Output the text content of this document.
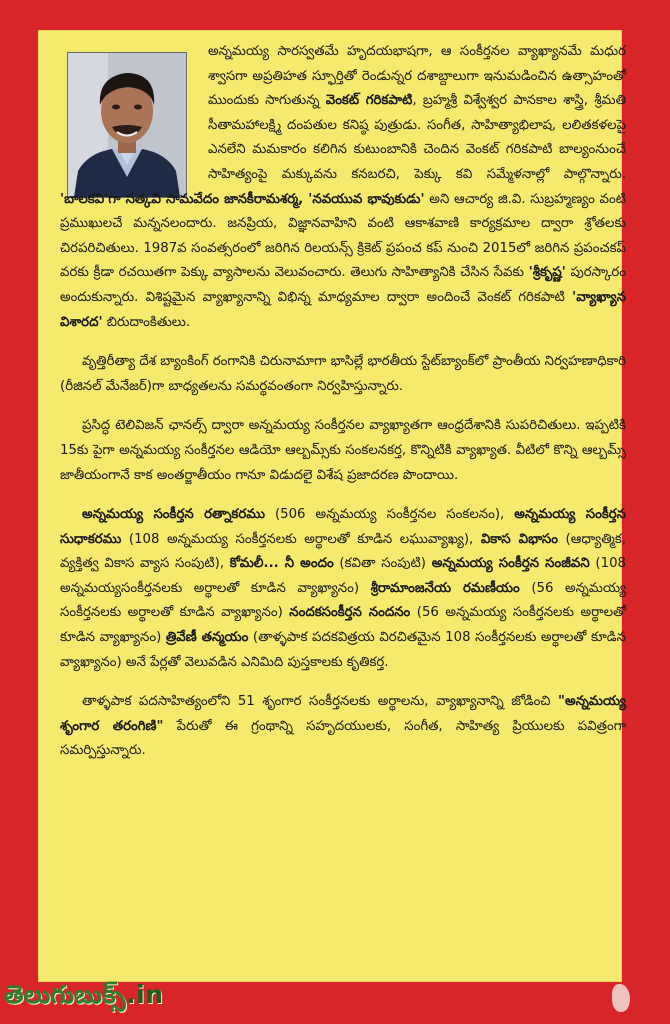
అన్నమయ్య సారస్వతమే హృదయభాషగా, ఆ సంకీర్తనల వ్యాఖ్యానమే మధుర శ్వాసగా అప్రతిహత స్ఫూర్తితో రెండున్నర దశాబ్దాలుగా ఇనుమడించిన ఉత్సాహంతో ముందుకు సాగుతున్న వెంకట్ గరికపాటి, బ్రహ్మశ్రీ విశ్వేశ్వర పానకాల శాస్త్రి, శ్రీమతి సీతామహాలక్ష్మి దంపతుల కనిష్ఠ పుత్రుడు. సంగీత, సాహిత్యాభిలాష, లలితకళలపై ఎనలేని మమకారం కలిగిన కుటుంబానికి చెందిన వెంకట్ గరికపాటి బాల్యంనుంచే సాహిత్యంపై మక్కువను కనబరచి, పెక్కు కవి సమ్మేళనాల్లో పాల్గొన్నారు. 'బాలకవి'గా సత్కవి సామవేదం జానకీరామశర్మ, 'నవయువ భావుకుడు' అని ఆచార్య జి.వి. సుబ్రహ్మణ్యం వంటి ప్రముఖులచే మన్ననలందారు. జనప్రియ, విజ్ఞానవాహిని వంటి ఆకాశవాణి కార్యక్రమాల ద్వారా శ్రోతలకు చిరపరిచితులు. 1987వ సంవత్సరంలో జరిగిన రిలయన్స్ క్రికెట్ ప్రపంచ కప్ నుంచి 2015లో జరిగిన ప్రపంచకప్ వరకు క్రీడా రచయితగా పెక్కు వ్యాసాలను వెలువంచారు. తెలుగు సాహిత్యానికి చేసిన సేవకు 'శ్రీకృష్ణ' పురస్కారం అందుకున్నారు. విశిష్టమైన వ్యాఖ్యానాన్ని విభిన్న మాధ్యమాల ద్వారా అందించే వెంకట్ గరికపాటి 'వ్యాఖ్యాన విశారద' బిరుదాంకితులు.

వృత్తిరీత్యా దేశ బ్యాంకింగ్ రంగానికి చిరునామాగా భాసిల్లే భారతీయ స్టేట్‌బ్యాంక్‌లో ప్రాంతీయ నిర్వహణాధికారి (రీజినల్ మేనేజర్)గా బాధ్యతలను సమర్థవంతంగా నిర్వహిస్తున్నారు.

ప్రసిద్ధ టెలివిజన్ ఛానల్స్ ద్వారా అన్నమయ్య సంకీర్తనల వ్యాఖ్యాతగా ఆంధ్రదేశానికి సుపరిచితులు. ఇప్పటికి 15కు పైగా అన్నమయ్య సంకీర్తనల ఆడియో ఆల్బమ్స్‌కు సంకలనకర్త, కొన్నిటికి వ్యాఖ్యాత. వీటిలో కొన్ని ఆల్బమ్స్ జాతీయంగానే కాక అంతర్జాతీయం గానూ విడుదలై విశేష ప్రజాదరణ పొందాయి.

అన్నమయ్య సంకీర్తన రత్నాకరము (506 అన్నమయ్య సంకీర్తనల సంకలనం), అన్నమయ్య సంకీర్తన సుధాకరము (108 అన్నమయ్య సంకీర్తనలకు అర్థాలతో కూడిన లఘువ్యాఖ్య), వికాస విభాసం (ఆధ్యాత్మిక, వ్యక్తిత్వ వికాస వ్యాస సంపుటి), కోమలీ... నీ అందం (కవితా సంపుటి) అన్నమయ్య సంకీర్తన సంజీవని (108 అన్నమయ్యసంకీర్తనలకు అర్థాలతో కూడిన వ్యాఖ్యానం) శ్రీరామాంజనేయ రమణీయం (56 అన్నమయ్య సంకీర్తనలకు అర్థాలతో కూడిన వ్యాఖ్యానం) నందకసంకీర్తన నందనం (56 అన్నమయ్య సంకీర్తనలకు అర్థాలతో కూడిన వ్యాఖ్యానం) త్రివేణీ తన్మయం (తాళ్ళపాక పదకవిత్రయ విరచితమైన 108 సంకీర్తనలకు అర్థాలతో కూడిన వ్యాఖ్యానం) అనే పేర్లతో వెలువడిన ఎనిమిది పుస్తకాలకు కృతికర్త.

తాళ్ళపాక పదసాహిత్యంలోని 51 శృంగార సంకీర్తనలకు అర్థాలను, వ్యాఖ్యానాన్ని జోడించి "అన్నమయ్య శృంగార తరంగిణి" పేరుతో ఈ గ్రంథాన్ని సహృదయులకు, సంగీత, సాహిత్య ప్రియులకు పవిత్రంగా సమర్పిస్తున్నారు.

తెలుగుబుక్స్.in
